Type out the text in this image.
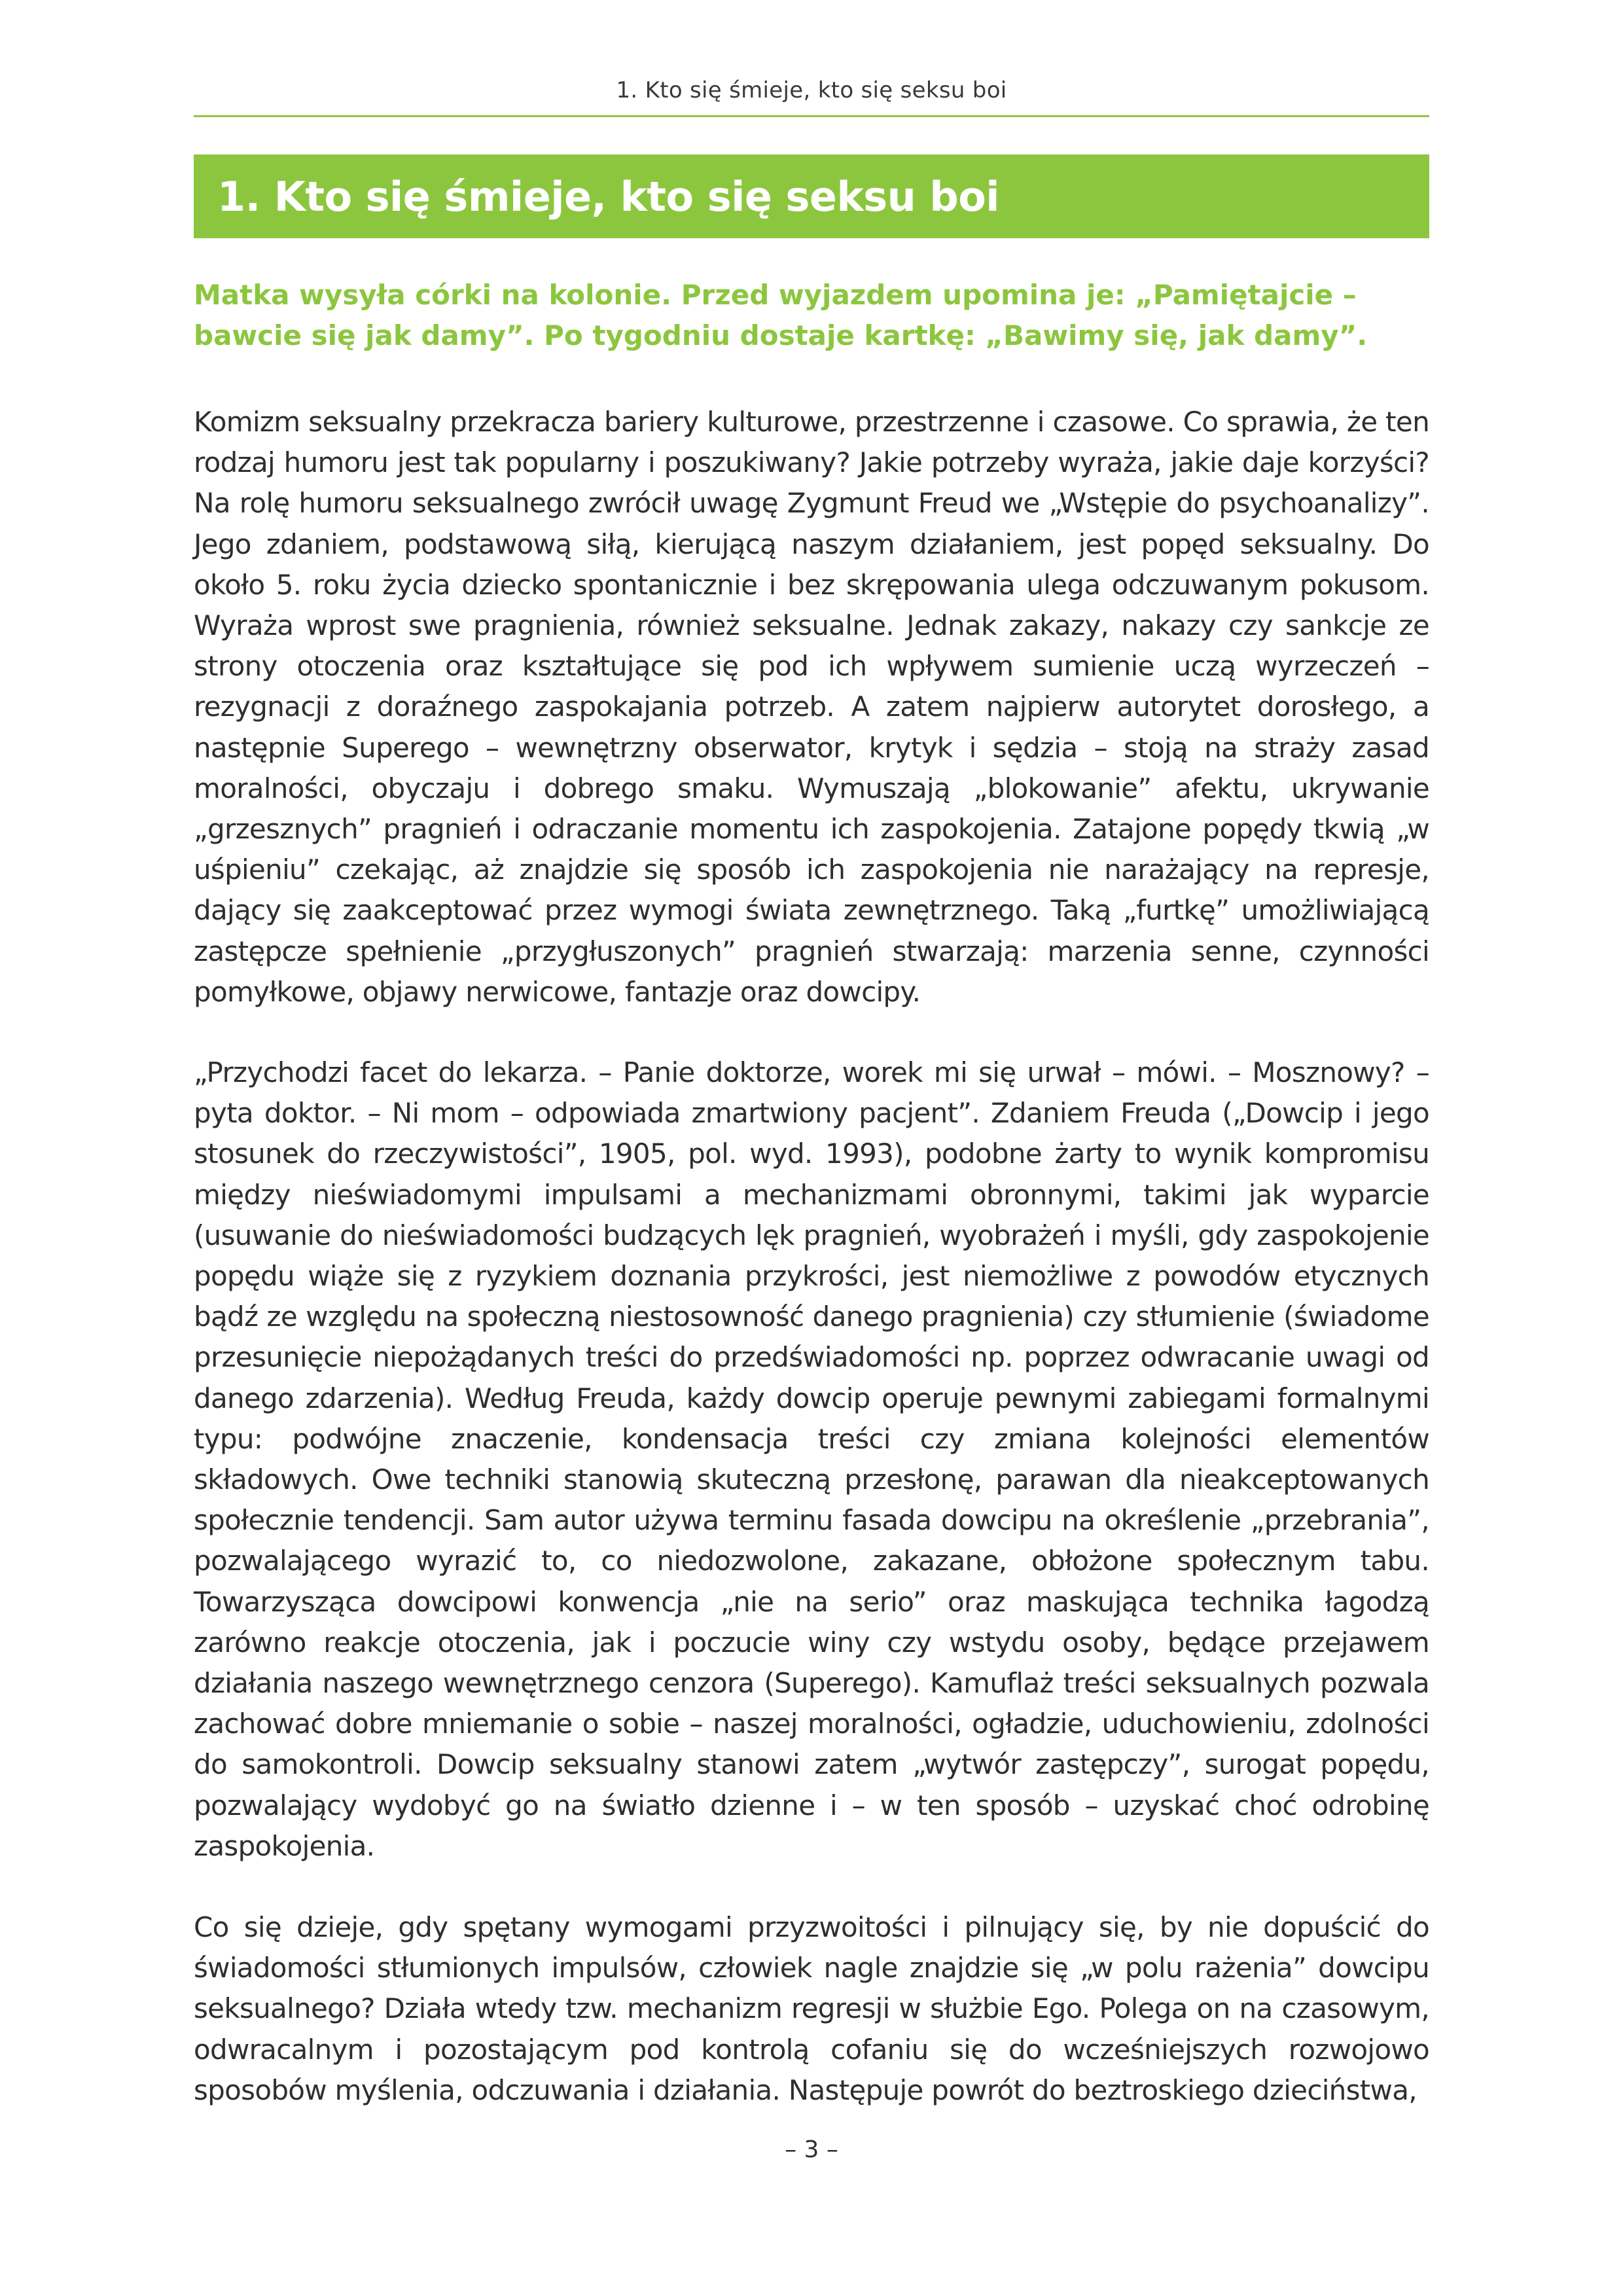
1. Kto się śmieje, kto się seksu boi
1. Kto się śmieje, kto się seksu boi

Matka wysyła córki na kolonie. Przed wyjazdem upomina je: „Pamiętajcie – bawcie się jak damy”. Po tygodniu dostaje kartkę: „Bawimy się, jak damy”.

Komizm seksualny przekracza bariery kulturowe, przestrzenne i czasowe. Co sprawia, że ten rodzaj humoru jest tak popularny i poszukiwany? Jakie potrzeby wyraża, jakie daje korzyści? Na rolę humoru seksualnego zwrócił uwagę Zygmunt Freud we „Wstępie do psychoanalizy”. Jego zdaniem, podstawową siłą, kierującą naszym działaniem, jest popęd seksualny. Do około 5. roku życia dziecko spontanicznie i bez skrępowania ulega odczuwanym pokusom. Wyraża wprost swe pragnienia, również seksualne. Jednak zakazy, nakazy czy sankcje ze strony otoczenia oraz kształtujące się pod ich wpływem sumienie uczą wyrzeczeń – rezygnacji z doraźnego zaspokajania potrzeb. A zatem najpierw autorytet dorosłego, a następnie Superego – wewnętrzny obserwator, krytyk i sędzia – stoją na straży zasad moralności, obyczaju i dobrego smaku. Wymuszają „blokowanie” afektu, ukrywanie „grzesznych” pragnień i odraczanie momentu ich zaspokojenia. Zatajone popędy tkwią „w uśpieniu” czekając, aż znajdzie się sposób ich zaspokojenia nie narażający na represje, dający się zaakceptować przez wymogi świata zewnętrznego. Taką „furtkę” umożliwiającą zastępcze spełnienie „przygłuszonych” pragnień stwarzają: marzenia senne, czynności pomyłkowe, objawy nerwicowe, fantazje oraz dowcipy.

„Przychodzi facet do lekarza. – Panie doktorze, worek mi się urwał – mówi. – Mosznowy? – pyta doktor. – Ni mom – odpowiada zmartwiony pacjent”. Zdaniem Freuda („Dowcip i jego stosunek do rzeczywistości”, 1905, pol. wyd. 1993), podobne żarty to wynik kompromisu między nieświadomymi impulsami a mechanizmami obronnymi, takimi jak wyparcie (usuwanie do nieświadomości budzących lęk pragnień, wyobrażeń i myśli, gdy zaspokojenie popędu wiąże się z ryzykiem doznania przykrości, jest niemożliwe z powodów etycznych bądź ze względu na społeczną niestosowność danego pragnienia) czy stłumienie (świadome przesunięcie niepożądanych treści do przedświadomości np. poprzez odwracanie uwagi od danego zdarzenia). Według Freuda, każdy dowcip operuje pewnymi zabiegami formalnymi typu: podwójne znaczenie, kondensacja treści czy zmiana kolejności elementów składowych. Owe techniki stanowią skuteczną przesłonę, parawan dla nieakceptowanych społecznie tendencji. Sam autor używa terminu fasada dowcipu na określenie „przebrania”, pozwalającego wyrazić to, co niedozwolone, zakazane, obłożone społecznym tabu. Towarzysząca dowcipowi konwencja „nie na serio” oraz maskująca technika łagodzą zarówno reakcje otoczenia, jak i poczucie winy czy wstydu osoby, będące przejawem działania naszego wewnętrznego cenzora (Superego). Kamuflaż treści seksualnych pozwala zachować dobre mniemanie o sobie – naszej moralności, ogładzie, uduchowieniu, zdolności do samokontroli. Dowcip seksualny stanowi zatem „wytwór zastępczy”, surogat popędu, pozwalający wydobyć go na światło dzienne i – w ten sposób – uzyskać choć odrobinę zaspokojenia.

Co się dzieje, gdy spętany wymogami przyzwoitości i pilnujący się, by nie dopuścić do świadomości stłumionych impulsów, człowiek nagle znajdzie się „w polu rażenia” dowcipu seksualnego? Działa wtedy tzw. mechanizm regresji w służbie Ego. Polega on na czasowym, odwracalnym i pozostającym pod kontrolą cofaniu się do wcześniejszych rozwojowo sposobów myślenia, odczuwania i działania. Następuje powrót do beztroskiego dzieciństwa,

– 3 –
